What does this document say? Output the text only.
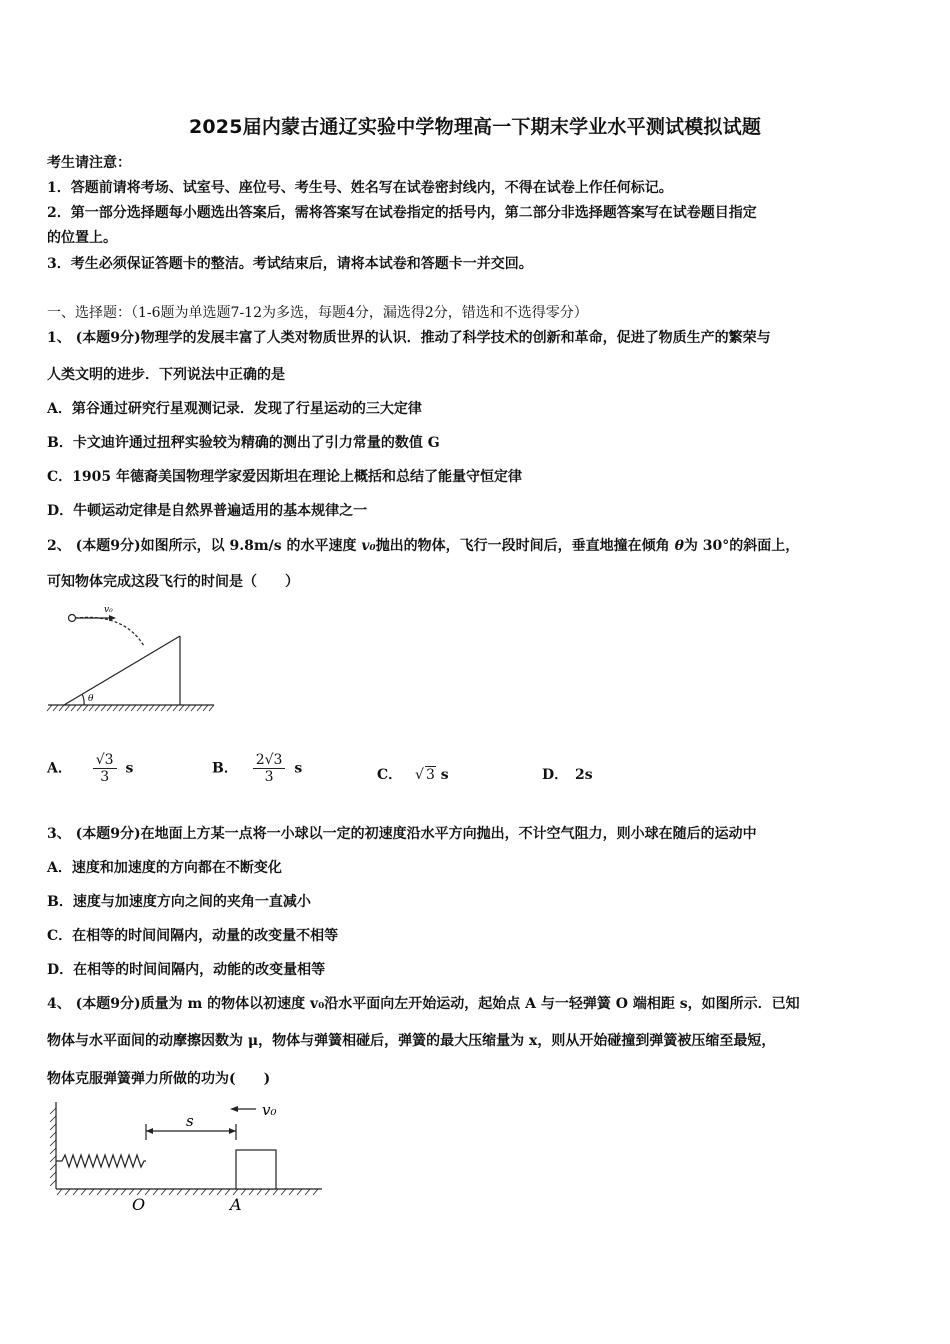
2025届内蒙古通辽实验中学物理高一下期末学业水平测试模拟试题
考生请注意：
1．答题前请将考场、试室号、座位号、考生号、姓名写在试卷密封线内，不得在试卷上作任何标记。
2．第一部分选择题每小题选出答案后，需将答案写在试卷指定的括号内，第二部分非选择题答案写在试卷题目指定
的位置上。
3．考生必须保证答题卡的整洁。考试结束后，请将本试卷和答题卡一并交回。
一、选择题：（1-6题为单选题7-12为多选，每题4分，漏选得2分，错选和不选得零分）
1、 (本题9分)物理学的发展丰富了人类对物质世界的认识．推动了科学技术的创新和革命，促进了物质生产的繁荣与
人类文明的进步．下列说法中正确的是
A．第谷通过研究行星观测记录．发现了行星运动的三大定律
B．卡文迪许通过扭秤实验较为精确的测出了引力常量的数值 G
C．1905 年德裔美国物理学家爱因斯坦在理论上概括和总结了能量守恒定律
D．牛顿运动定律是自然界普遍适用的基本规律之一
2、 (本题9分)如图所示，以 9.8m/s 的水平速度 v₀抛出的物体，飞行一段时间后，垂直地撞在倾角 θ为 30°的斜面上，
可知物体完成这段飞行的时间是（　　）
v₀
θ
A． $\frac{√3}{3}$ s	B． $\frac{2√3}{3}$ s	C． √ 3 s	D． 2s
3、 (本题9分)在地面上方某一点将一小球以一定的初速度沿水平方向抛出，不计空气阻力，则小球在随后的运动中
A．速度和加速度的方向都在不断变化
B．速度与加速度方向之间的夹角一直减小
C．在相等的时间间隔内，动量的改变量不相等
D．在相等的时间间隔内，动能的改变量相等
4、 (本题9分)质量为 m 的物体以初速度 v₀沿水平面向左开始运动，起始点 A 与一轻弹簧 O 端相距 s，如图所示．已知
物体与水平面间的动摩擦因数为 μ，物体与弹簧相碰后，弹簧的最大压缩量为 x，则从开始碰撞到弹簧被压缩至最短，
物体克服弹簧弹力所做的功为(　　)
s
v₀
O	A
